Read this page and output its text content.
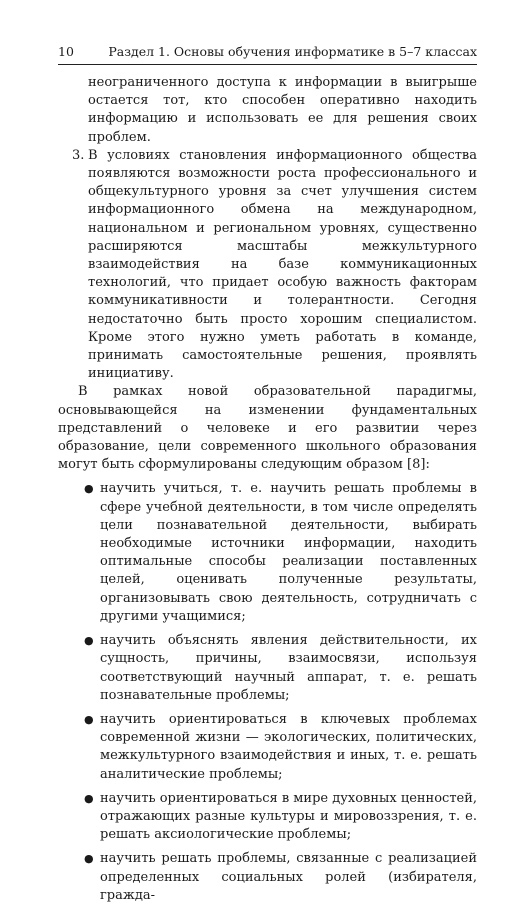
10	Раздел 1. Основы обучения информатике в 5–7 классах

неограниченного доступа к информации в выигрыше остается тот, кто способен оперативно находить информацию и использовать ее для решения своих проблем.

3. В условиях становления информационного общества появляются возможности роста профессионального и общекультурного уровня за счет улучшения систем информационного обмена на международном, национальном и региональном уровнях, существенно расширяются масштабы межкультурного взаимодействия на базе коммуникационных технологий, что придает особую важность факторам коммуникативности и толерантности. Сегодня недостаточно быть просто хорошим специалистом. Кроме этого нужно уметь работать в команде, принимать самостоятельные решения, проявлять инициативу.

В рамках новой образовательной парадигмы, основывающейся на изменении фундаментальных представлений о человеке и его развитии через образование, цели современного школьного образования могут быть сформулированы следующим образом [8]:

● научить учиться, т. е. научить решать проблемы в сфере учебной деятельности, в том числе определять цели познавательной деятельности, выбирать необходимые источники информации, находить оптимальные способы реализации поставленных целей, оценивать полученные результаты, организовывать свою деятельность, сотрудничать с другими учащимися;

● научить объяснять явления действительности, их сущность, причины, взаимосвязи, используя соответствующий научный аппарат, т. е. решать познавательные проблемы;

● научить ориентироваться в ключевых проблемах современной жизни — экологических, политических, межкультурного взаимодействия и иных, т. е. решать аналитические проблемы;

● научить ориентироваться в мире духовных ценностей, отражающих разные культуры и мировоззрения, т. е. решать аксиологические проблемы;

● научить решать проблемы, связанные с реализацией определенных социальных ролей (избирателя, гражда-
